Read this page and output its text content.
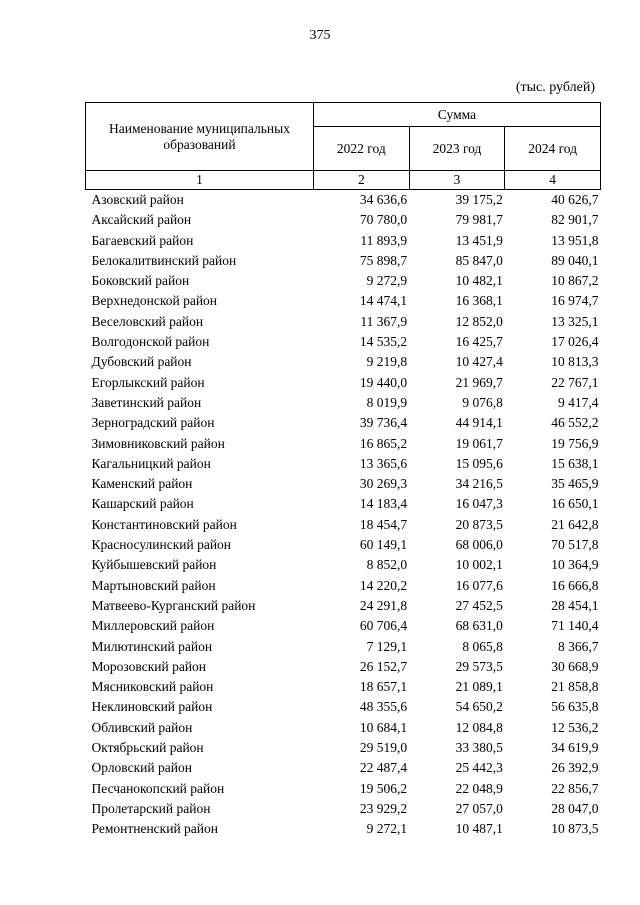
375
(тыс. рублей)
Наименование муниципальных образований	Сумма		
	2022 год	2023 год	2024 год
1	2	3	4
Азовский район	34 636,6	39 175,2	40 626,7
Аксайский район	70 780,0	79 981,7	82 901,7
Багаевский район	11 893,9	13 451,9	13 951,8
Белокалитвинский район	75 898,7	85 847,0	89 040,1
Боковский район	9 272,9	10 482,1	10 867,2
Верхнедонской район	14 474,1	16 368,1	16 974,7
Веселовский район	11 367,9	12 852,0	13 325,1
Волгодонской район	14 535,2	16 425,7	17 026,4
Дубовский район	9 219,8	10 427,4	10 813,3
Егорлыкский район	19 440,0	21 969,7	22 767,1
Заветинский район	8 019,9	9 076,8	9 417,4
Зерноградский район	39 736,4	44 914,1	46 552,2
Зимовниковский район	16 865,2	19 061,7	19 756,9
Кагальницкий район	13 365,6	15 095,6	15 638,1
Каменский район	30 269,3	34 216,5	35 465,9
Кашарский район	14 183,4	16 047,3	16 650,1
Константиновский район	18 454,7	20 873,5	21 642,8
Красносулинский район	60 149,1	68 006,0	70 517,8
Куйбышевский район	8 852,0	10 002,1	10 364,9
Мартыновский район	14 220,2	16 077,6	16 666,8
Матвеево-Курганский район	24 291,8	27 452,5	28 454,1
Миллеровский район	60 706,4	68 631,0	71 140,4
Милютинский район	7 129,1	8 065,8	8 366,7
Морозовский район	26 152,7	29 573,5	30 668,9
Мясниковский район	18 657,1	21 089,1	21 858,8
Неклиновский район	48 355,6	54 650,2	56 635,8
Обливский район	10 684,1	12 084,8	12 536,2
Октябрьский район	29 519,0	33 380,5	34 619,9
Орловский район	22 487,4	25 442,3	26 392,9
Песчанокопский район	19 506,2	22 048,9	22 856,7
Пролетарский район	23 929,2	27 057,0	28 047,0
Ремонтненский район	9 272,1	10 487,1	10 873,5
